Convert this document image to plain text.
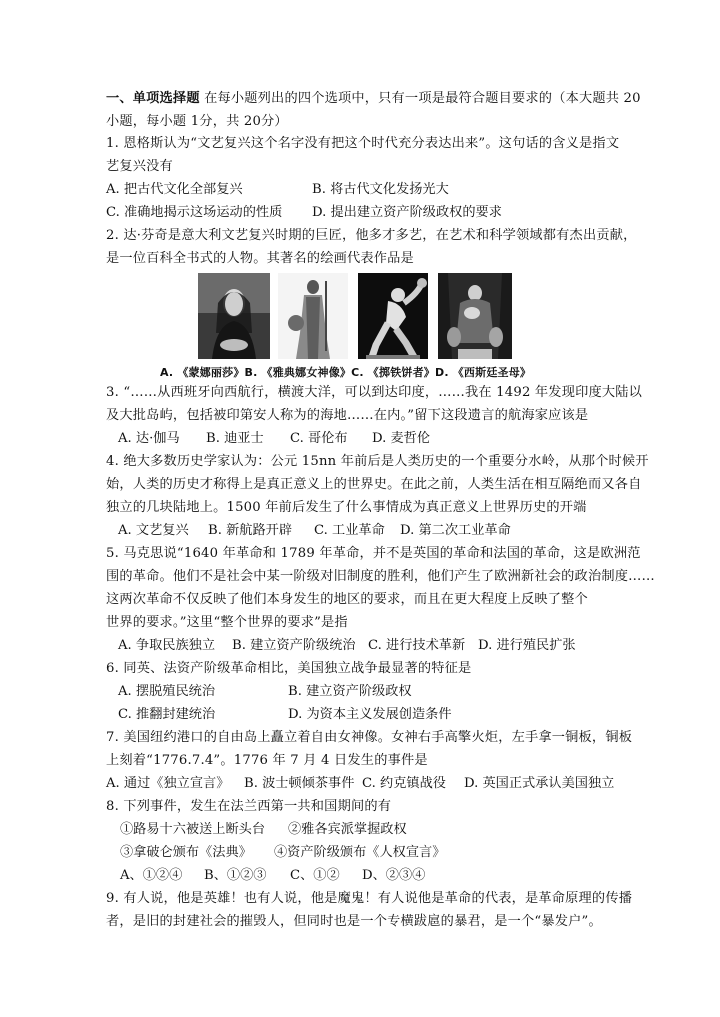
一、单项选择题 在每小题列出的四个选项中，只有一项是最符合题目要求的（本大题共 20
小题，每小题 1分，共 20分）
1. 恩格斯认为“文艺复兴这个名字没有把这个时代充分表达出来”。这句话的含义是指文
艺复兴没有
A. 把古代文化全部复兴	B. 将古代文化发扬光大
C. 准确地揭示这场运动的性质 D. 提出建立资产阶级政权的要求
2. 达·芬奇是意大利文艺复兴时期的巨匠，他多才多艺，在艺术和科学领域都有杰出贡献，
是一位百科全书式的人物。其著名的绘画代表作品是
A. 《蒙娜丽莎》B. 《雅典娜女神像》C. 《掷铁饼者》D. 《西斯廷圣母》
3. “……从西班牙向西航行，横渡大洋，可以到达印度，……我在 1492 年发现印度大陆以
及大批岛屿，包括被印第安人称为的海地……在内。”留下这段遗言的航海家应该是
A. 达·伽马 B. 迪亚士 C. 哥伦布 D. 麦哲伦
4. 绝大多数历史学家认为：公元 15nn 年前后是人类历史的一个重要分水岭，从那个时候开
始，人类的历史才称得上是真正意义上的世界史。在此之前，人类生活在相互隔绝而又各自
独立的几块陆地上。1500 年前后发生了什么事情成为真正意义上世界历史的开端
A. 文艺复兴 B. 新航路开辟 C. 工业革命 D. 第二次工业革命
5. 马克思说“1640 年革命和 1789 年革命，并不是英国的革命和法国的革命，这是欧洲范
围的革命。他们不是社会中某一阶级对旧制度的胜利，他们产生了欧洲新社会的政治制度……
这两次革命不仅反映了他们本身发生的地区的要求，而且在更大程度上反映了整个
世界的要求。”这里“整个世界的要求”是指
A. 争取民族独立 B. 建立资产阶级统治 C. 进行技术革新 D. 进行殖民扩张
6. 同英、法资产阶级革命相比，美国独立战争最显著的特征是
A. 摆脱殖民统治	B. 建立资产阶级政权
C. 推翻封建统治	D. 为资本主义发展创造条件
7. 美国纽约港口的自由岛上矗立着自由女神像。女神右手高擎火炬，左手拿一铜板，铜板
上刻着“1776.7.4”。1776 年 7 月 4 日发生的事件是
A. 通过《独立宣言》 B. 波士顿倾茶事件 C. 约克镇战役 D. 英国正式承认美国独立
8. 下列事件，发生在法兰西第一共和国期间的有
①路易十六被送上断头台 ②雅各宾派掌握政权
③拿破仑颁布《法典》 ④资产阶级颁布《人权宣言》
A、①②④ B、①②③ C、①② D、②③④
9. 有人说，他是英雄！也有人说，他是魔鬼！有人说他是革命的代表，是革命原理的传播
者，是旧的封建社会的摧毁人，但同时也是一个专横跋扈的暴君，是一个“暴发户”。
